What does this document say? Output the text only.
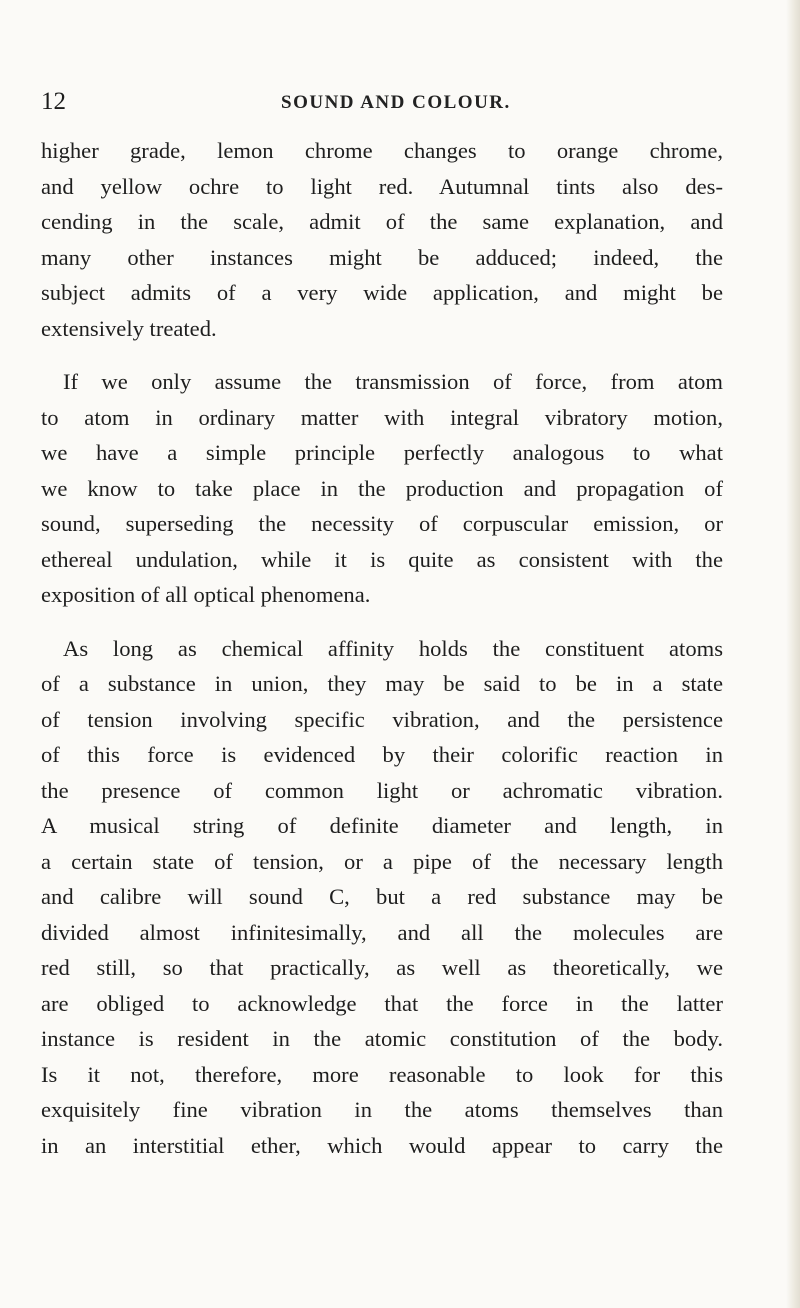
12	SOUND AND COLOUR.
higher grade, lemon chrome changes to orange chrome,
and yellow ochre to light red. Autumnal tints also des-
cending in the scale, admit of the same explanation, and
many other instances might be adduced; indeed, the
subject admits of a very wide application, and might be
extensively treated.
If we only assume the transmission of force, from atom
to atom in ordinary matter with integral vibratory motion,
we have a simple principle perfectly analogous to what
we know to take place in the production and propagation of
sound, superseding the necessity of corpuscular emission, or
ethereal undulation, while it is quite as consistent with the
exposition of all optical phenomena.
As long as chemical affinity holds the constituent atoms
of a substance in union, they may be said to be in a state
of tension involving specific vibration, and the persistence
of this force is evidenced by their colorific reaction in
the presence of common light or achromatic vibration.
A musical string of definite diameter and length, in
a certain state of tension, or a pipe of the necessary length
and calibre will sound C, but a red substance may be
divided almost infinitesimally, and all the molecules are
red still, so that practically, as well as theoretically, we
are obliged to acknowledge that the force in the latter
instance is resident in the atomic constitution of the body.
Is it not, therefore, more reasonable to look for this
exquisitely fine vibration in the atoms themselves than
in an interstitial ether, which would appear to carry the
